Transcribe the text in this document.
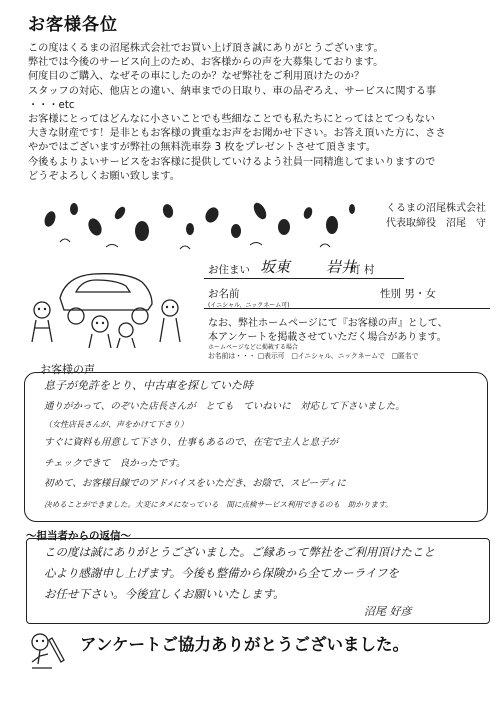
お客様各位
この度はくるまの沼尾株式会社でお買い上げ頂き誠にありがとうございます。
弊社では今後のサービス向上のため、お客様からの声を大募集しております。
何度目のご購入、なぜその車にしたのか？なぜ弊社をご利用頂けたのか？
スタッフの対応、他店との違い、納車までの日取り、車の品ぞろえ、サービスに関する事
・・・etc
お客様にとってはどんなに小さいことでも些細なことでも私たちにとってはとてつもない
大きな財産です！是非ともお客様の貴重なお声をお聞かせ下さい。お答え頂いた方に、ささ
やかではございますが弊社の無料洗車券 3 枚をプレゼントさせて頂きます。
今後もよりよいサービスをお客様に提供していけるよう社員一同精進してまいりますので
どうぞよろしくお願い致します。
くるまの沼尾株式会社
代表取締役　沼尾　守
お住まい 坂東 岩井
町 村
お名前
(イニシャル、ニックネーム可)
性別 男・女
なお、弊社ホームページにて『お客様の声』として、
本アンケートを掲載させていただく場合があります。
ホームページなどに掲載する場合
お名前は・・・ □表示可　□イニシャル、ニックネームで　□匿名で
お客様の声
息子が免許をとり、中古車を探していた時
通りがかって、のぞいた店長さんが　とても　ていねいに　対応して下さいました。
（女性店長さんが、声をかけて下さり）
すぐに資料も用意して下さり、仕事もあるので、在宅で主人と息子が
チェックできて　良かったです。
初めて、お客様目線でのアドバイスをいただき、お陰で、スピーディに
決めることができました。大変にタメになっている　間に点検サービス利用できるのも　助かります。
～担当者からの返信～
この度は誠にありがとうございました。ご縁あって弊社をご利用頂けたこと
心より感謝申し上げます。今後も整備から保険から全てカーライフを
お任せ下さい。今後宜しくお願いいたします。
沼尾 好彦
アンケートご協力ありがとうございました。
